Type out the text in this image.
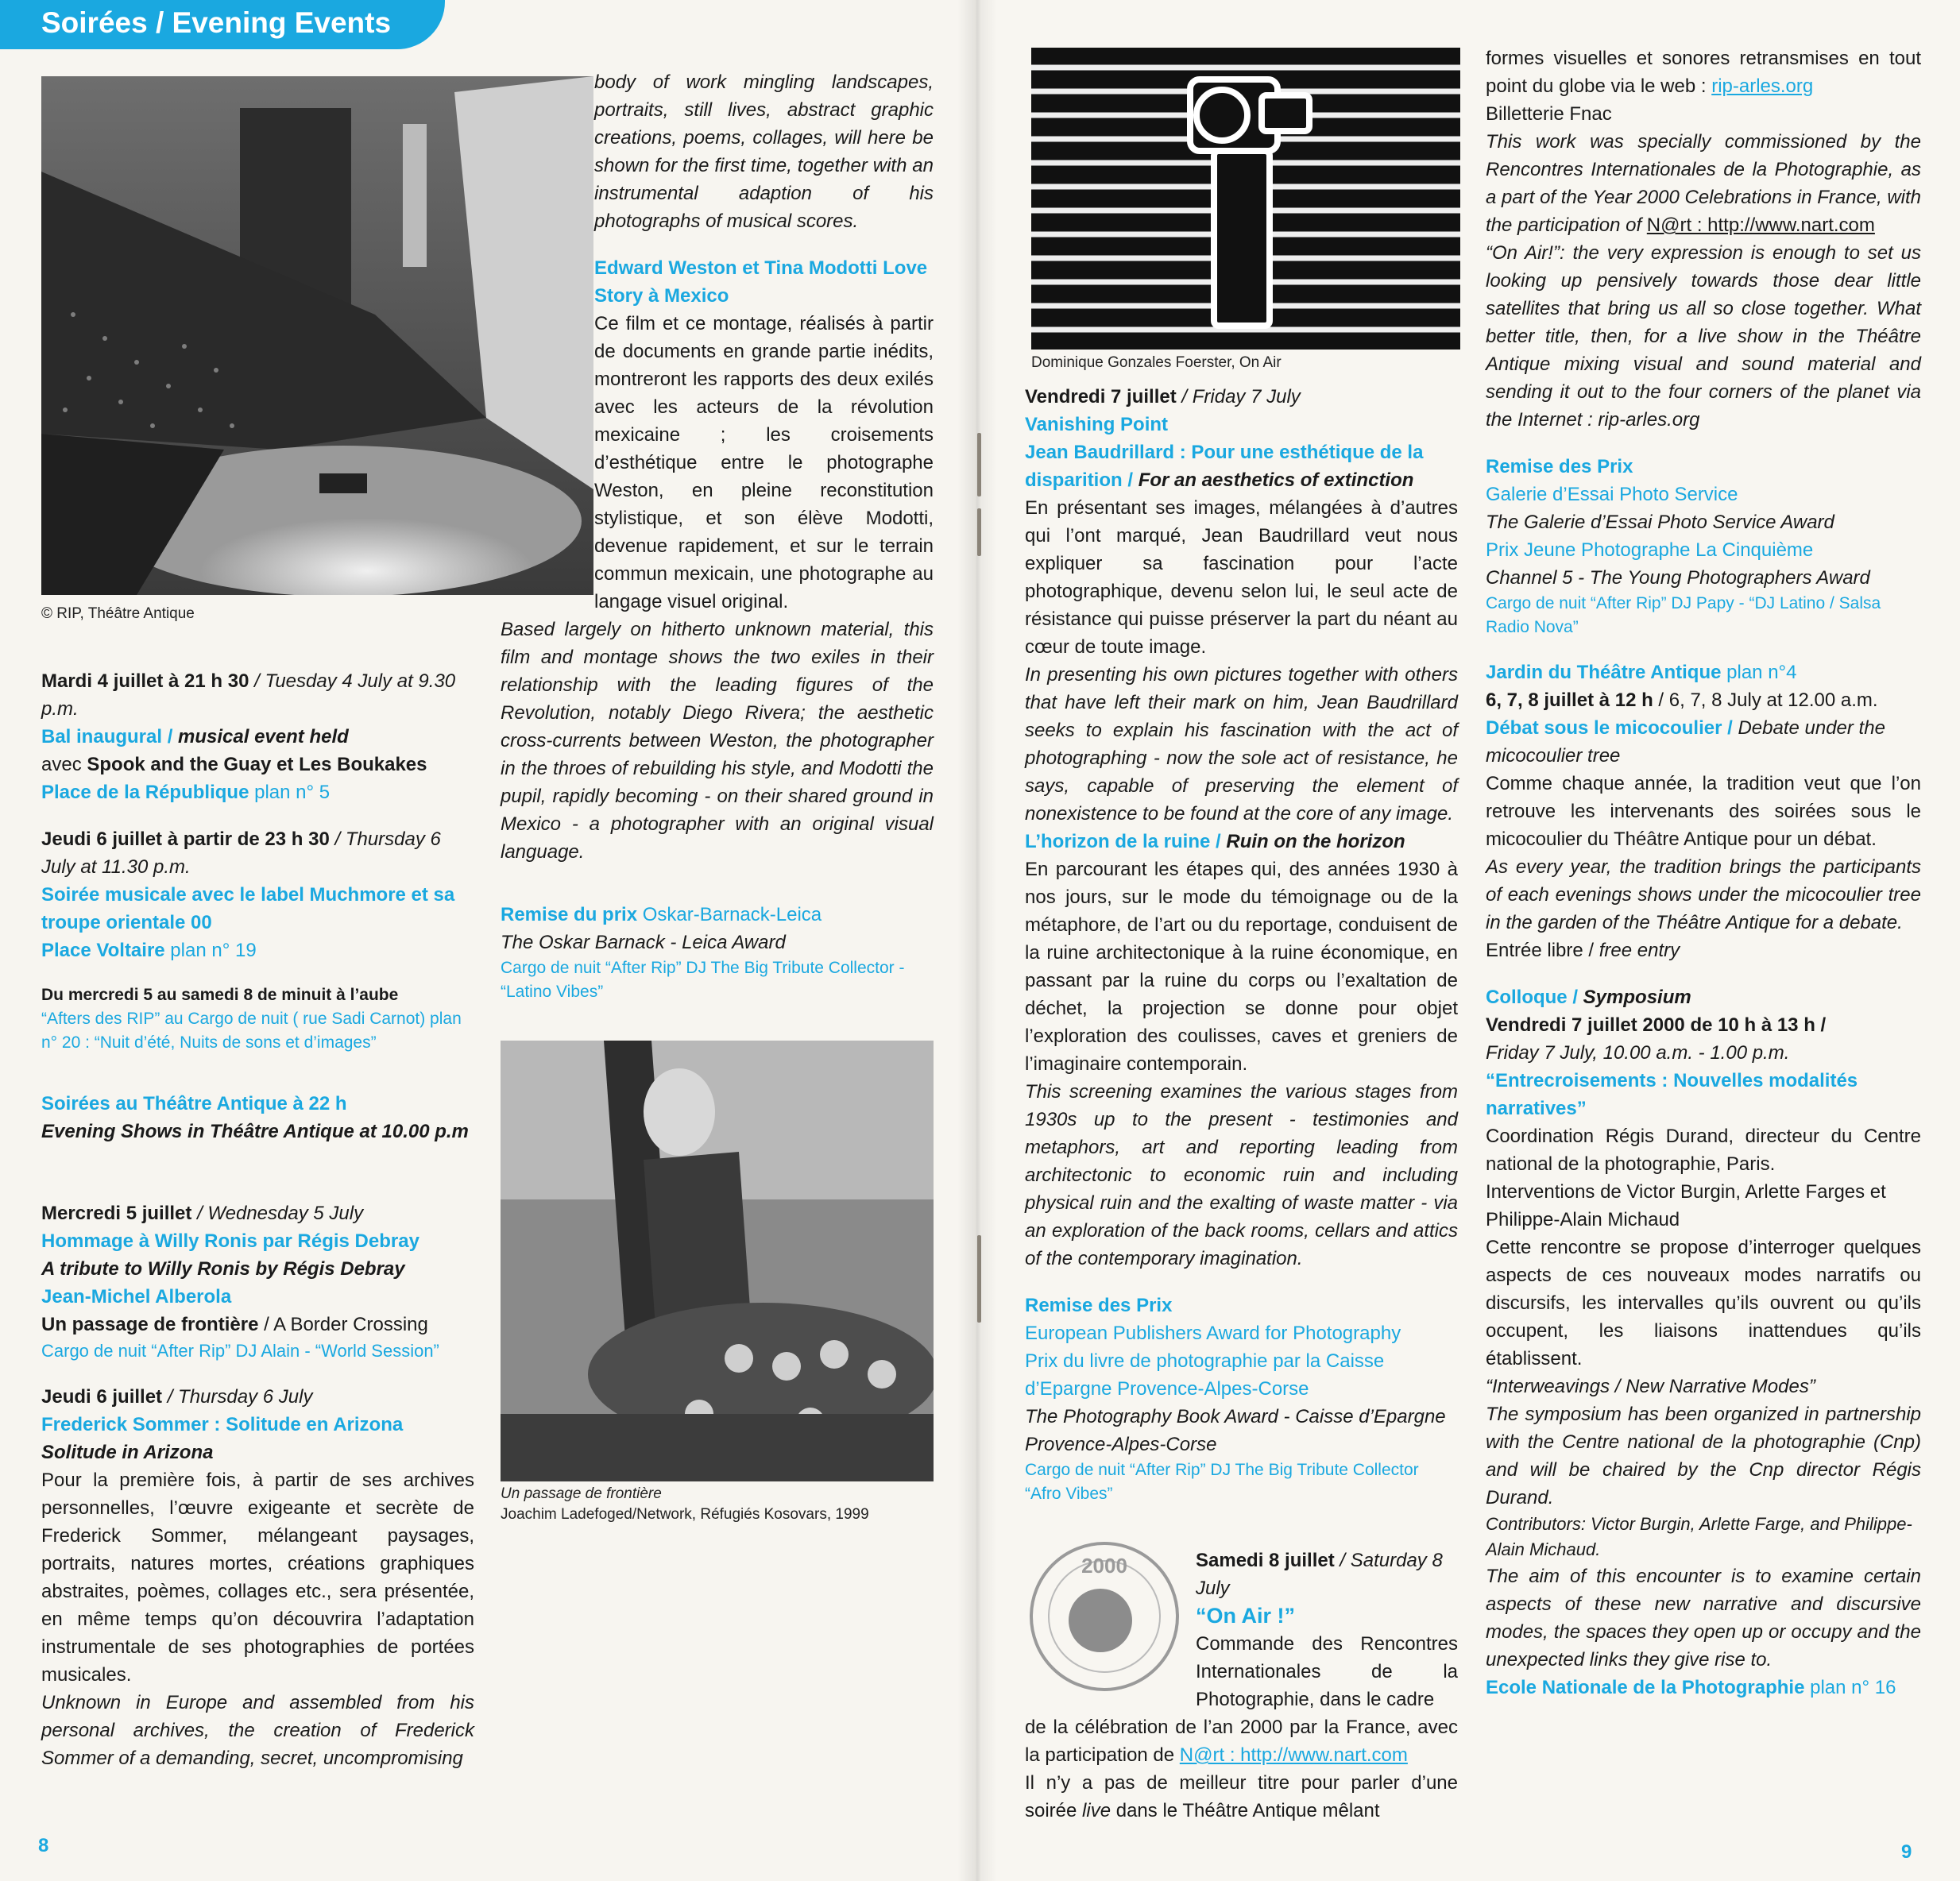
Soirées / Evening Events
© RIP, Théâtre Antique

Mardi 4 juillet à 21 h 30 / Tuesday 4 July at 9.30 p.m.

Bal inaugural / musical event held

avec Spook and the Guay et Les Boukakes

Place de la République plan n° 5

Jeudi 6 juillet à partir de 23 h 30 / Thursday 6 July at 11.30 p.m.

Soirée musicale avec le label Muchmore et sa troupe orientale 00

Place Voltaire plan n° 19

Du mercredi 5 au samedi 8 de minuit à l’aube

“Afters des RIP” au Cargo de nuit ( rue Sadi Carnot) plan n° 20 : “Nuit d’été, Nuits de sons et d’images”

Soirées au Théâtre Antique à 22 h

Evening Shows in Théâtre Antique at 10.00 p.m

Mercredi 5 juillet / Wednesday 5 July

Hommage à Willy Ronis par Régis Debray

A tribute to Willy Ronis by Régis Debray

Jean-Michel Alberola

Un passage de frontière / A Border Crossing

Cargo de nuit “After Rip” DJ Alain - “World Session”

Jeudi 6 juillet / Thursday 6 July

Frederick Sommer : Solitude en Arizona

Solitude in Arizona

Pour la première fois, à partir de ses archives personnelles, l’œuvre exigeante et secrète de Frederick Sommer, mélangeant paysages, portraits, natures mortes, créations graphiques abstraites, poèmes, collages etc., sera présentée, en même temps qu’on découvrira l’adaptation instrumentale de ses photographies de portées musicales.

Unknown in Europe and assembled from his personal archives, the creation of Frederick Sommer of a demanding, secret, uncompromising

body of work mingling landscapes, portraits, still lives, abstract graphic creations, poems, collages, will here be shown for the first time, together with an instrumental adaption of his photographs of musical scores.

Edward Weston et Tina Modotti Love Story à Mexico

Ce film et ce montage, réalisés à partir de documents en grande partie inédits, montreront les rapports des deux exilés avec les acteurs de la révolution mexicaine ; les croisements d’esthétique entre le photographe Weston, en pleine reconstitution stylistique, et son élève Modotti, devenue rapidement, et sur le terrain commun mexicain, une photographe au langage visuel original.

Based largely on hitherto unknown material, this film and montage shows the two exiles in their relationship with the leading figures of the Revolution, notably Diego Rivera; the aesthetic cross-currents between Weston, the photographer in the throes of rebuilding his style, and Modotti the pupil, rapidly becoming - on their shared ground in Mexico - a photographer with an original visual language.

Remise du prix Oskar-Barnack-Leica

The Oskar Barnack - Leica Award

Cargo de nuit “After Rip” DJ The Big Tribute Collector - “Latino Vibes”

Un passage de frontière
Joachim Ladefoged/Network, Réfugiés Kosovars, 1999
Dominique Gonzales Foerster, On Air

Vendredi 7 juillet / Friday 7 July

Vanishing Point

Jean Baudrillard : Pour une esthétique de la disparition / For an aesthetics of extinction

En présentant ses images, mélangées à d’autres qui l’ont marqué, Jean Baudrillard veut nous expliquer sa fascination pour l’acte photographique, devenu selon lui, le seul acte de résistance qui puisse préserver la part du néant au cœur de toute image.

In presenting his own pictures together with others that have left their mark on him, Jean Baudrillard seeks to explain his fascination with the act of photographing - now the sole act of resistance, he says, capable of preserving the element of nonexistence to be found at the core of any image.

L’horizon de la ruine / Ruin on the horizon

En parcourant les étapes qui, des années 1930 à nos jours, sur le mode du témoignage ou de la métaphore, de l’art ou du reportage, conduisent de la ruine architectonique à la ruine économique, en passant par la ruine du corps ou l’exaltation de déchet, la projection se donne pour objet l’exploration des coulisses, caves et greniers de l’imaginaire contemporain.

This screening examines the various stages from 1930s up to the present - testimonies and metaphors, art and reporting leading from architectonic to economic ruin and including physical ruin and the exalting of waste matter - via an exploration of the back rooms, cellars and attics of the contemporary imagination.

Remise des Prix

European Publishers Award for Photography

Prix du livre de photographie par la Caisse d’Epargne Provence-Alpes-Corse

The Photography Book Award - Caisse d’Epargne Provence-Alpes-Corse

Cargo de nuit “After Rip” DJ The Big Tribute Collector “Afro Vibes”

2000	Samedi 8 juillet / Saturday 8 July

“On Air !”

Commande des Rencontres Internationales de la Photographie, dans le cadre

de la célébration de l’an 2000 par la France, avec la participation de N@rt : http://www.nart.com

Il n’y a pas de meilleur titre pour parler d’une soirée live dans le Théâtre Antique mêlant

formes visuelles et sonores retransmises en tout point du globe via le web : rip-arles.org

Billetterie Fnac

This work was specially commissioned by the Rencontres Internationales de la Photographie, as a part of the Year 2000 Celebrations in France, with the participation of N@rt : http://www.nart.com

“On Air!”: the very expression is enough to set us looking up pensively towards those dear little satellites that bring us all so close together. What better title, then, for a live show in the Théâtre Antique mixing visual and sound material and sending it out to the four corners of the planet via the Internet : rip-arles.org

Remise des Prix

Galerie d’Essai Photo Service

The Galerie d’Essai Photo Service Award

Prix Jeune Photographe La Cinquième

Channel 5 - The Young Photographers Award

Cargo de nuit “After Rip” DJ Papy - “DJ Latino / Salsa Radio Nova”

Jardin du Théâtre Antique plan n°4

6, 7, 8 juillet à 12 h / 6, 7, 8 July at 12.00 a.m.

Débat sous le micocoulier / Debate under the micocoulier tree

Comme chaque année, la tradition veut que l’on retrouve les intervenants des soirées sous le micocoulier du Théâtre Antique pour un débat.

As every year, the tradition brings the participants of each evenings shows under the micocoulier tree in the garden of the Théâtre Antique for a debate.

Entrée libre / free entry

Colloque / Symposium

Vendredi 7 juillet 2000 de 10 h à 13 h /

Friday 7 July, 10.00 a.m. - 1.00 p.m.

“Entrecroisements : Nouvelles modalités narratives”

Coordination Régis Durand, directeur du Centre national de la photographie, Paris.

Interventions de Victor Burgin, Arlette Farges et Philippe-Alain Michaud

Cette rencontre se propose d’interroger quelques aspects de ces nouveaux modes narratifs ou discursifs, les intervalles qu’ils ouvrent ou qu’ils occupent, les liaisons inattendues qu’ils établissent.

“Interweavings / New Narrative Modes”

The symposium has been organized in partnership with the Centre national de la photographie (Cnp) and will be chaired by the Cnp director Régis Durand.

Contributors: Victor Burgin, Arlette Farge, and Philippe-Alain Michaud.

The aim of this encounter is to examine certain aspects of these new narrative and discursive modes, the spaces they open up or occupy and the unexpected links they give rise to.

Ecole Nationale de la Photographie plan n° 16

8	9
